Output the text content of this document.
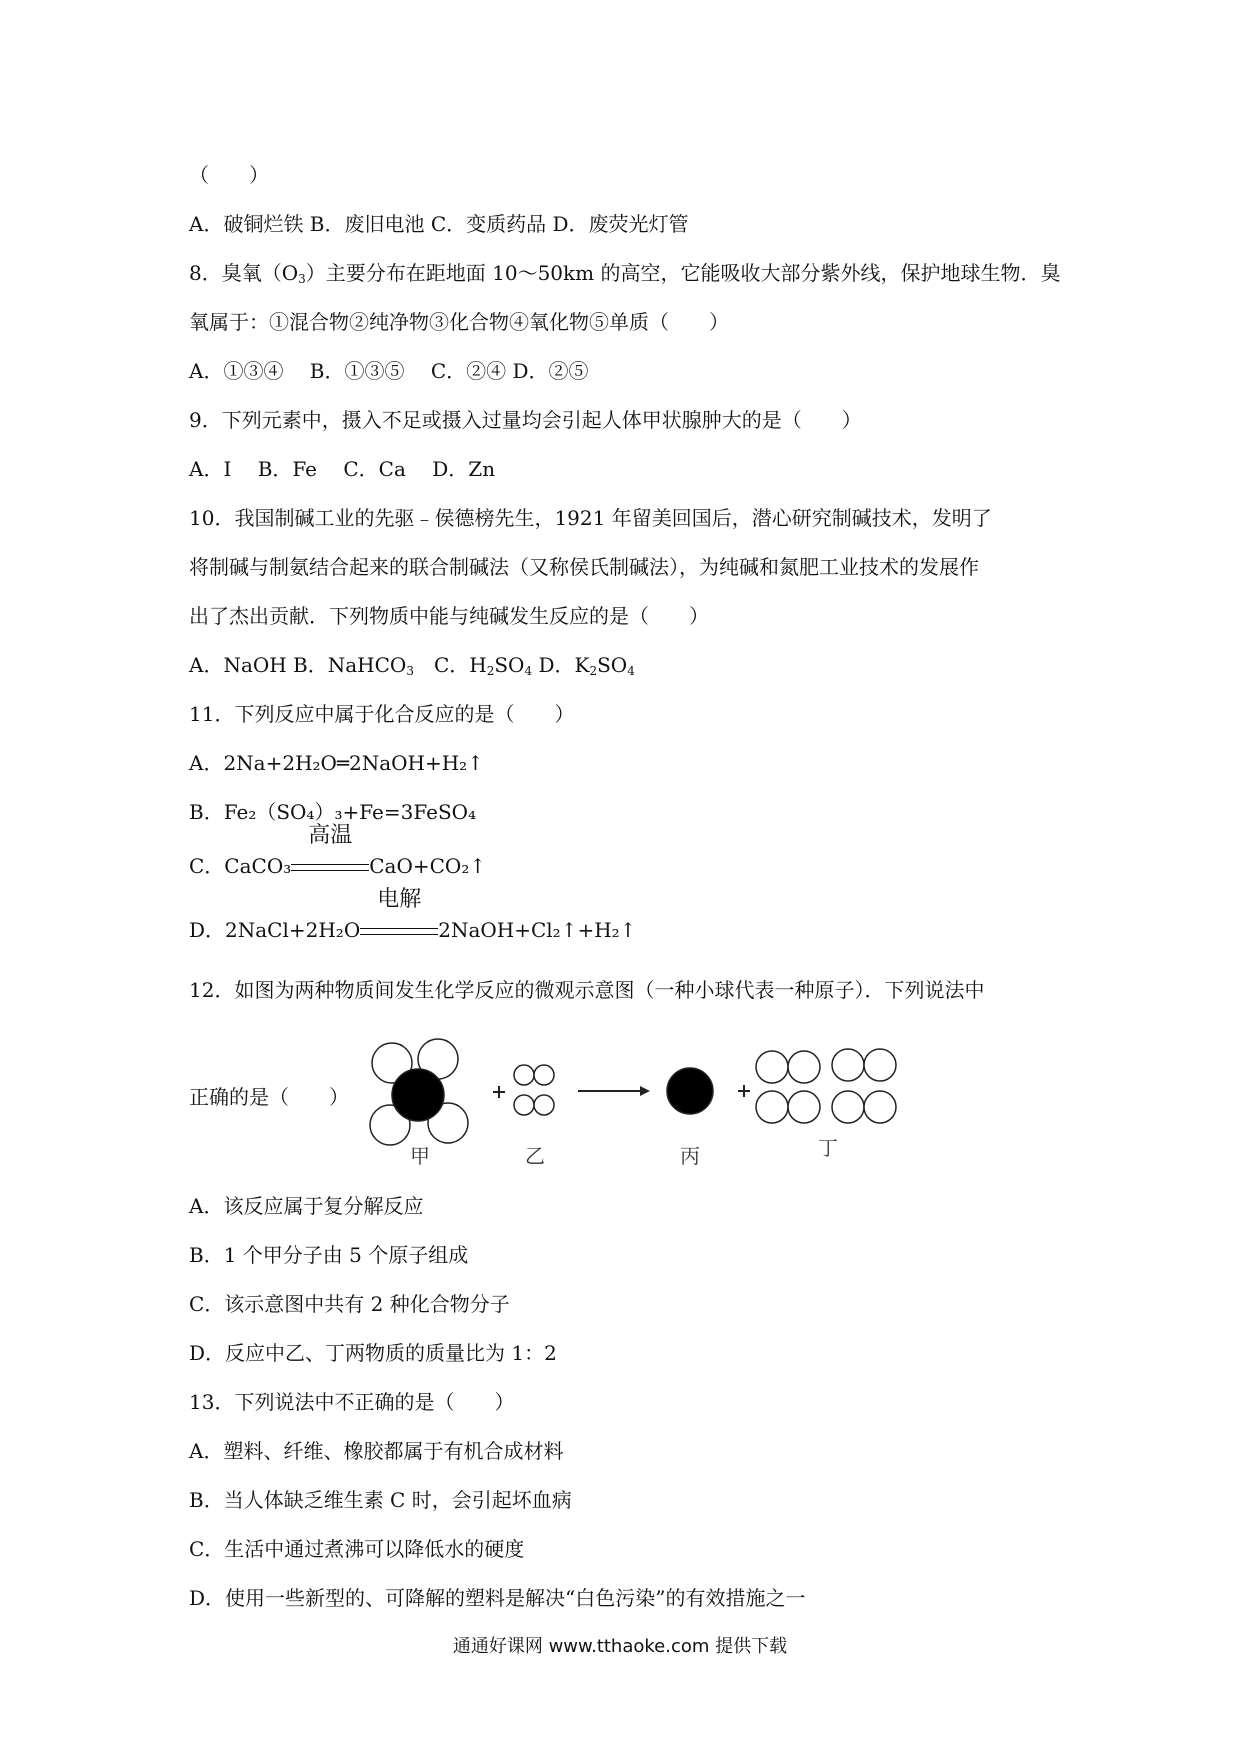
（　　）
A．破铜烂铁 B．废旧电池 C．变质药品 D．废荧光灯管
8．臭氧$(O_3)$主要分布在距地面 10～50km 的高空，它能吸收大部分紫外线，保护地球生物．臭
氧属于：①混合物②纯净物③化合物④氧化物⑤单质（　　）
A．①③④　 B．①③⑤　 C．②④ D．②⑤
9．下列元素中，摄入不足或摄入过量均会引起人体甲状腺肿大的是（　　）
A．I　 B．Fe　 C．Ca　 D．Zn
10．我国制碱工业的先驱﹣侯德榜先生，1921 年留美回国后，潜心研究制碱技术，发明了
将制碱与制氨结合起来的联合制碱法（又称侯氏制碱法），为纯碱和氮肥工业技术的发展作
出了杰出贡献．下列物质中能与纯碱发生反应的是（　　）
A．NaOH B．NaHCO$_3$　C．$H_2SO_4$ D．$K_2SO_4$
11．下列反应中属于化合反应的是（　　）
A．2Na+2H₂O═2NaOH+H₂↑
B．Fe₂（SO₄）₃+Fe=3FeSO₄
C．CaCO₃
高温
CaO+CO₂↑
D．2NaCl+2H₂O
电解
2NaOH+Cl₂↑+H₂↑
12．如图为两种物质间发生化学反应的微观示意图（一种小球代表一种原子）．下列说法中
正确的是（　　）
甲	乙	丙	丁
A．该反应属于复分解反应
B．1 个甲分子由 5 个原子组成
C．该示意图中共有 2 种化合物分子
D．反应中乙、丁两物质的质量比为 1：2
13．下列说法中不正确的是（　　）
A．塑料、纤维、橡胶都属于有机合成材料
B．当人体缺乏维生素 C 时，会引起坏血病
C．生活中通过煮沸可以降低水的硬度
D．使用一些新型的、可降解的塑料是解决“白色污染”的有效措施之一
通通好课网 www.tthaoke.com 提供下载
